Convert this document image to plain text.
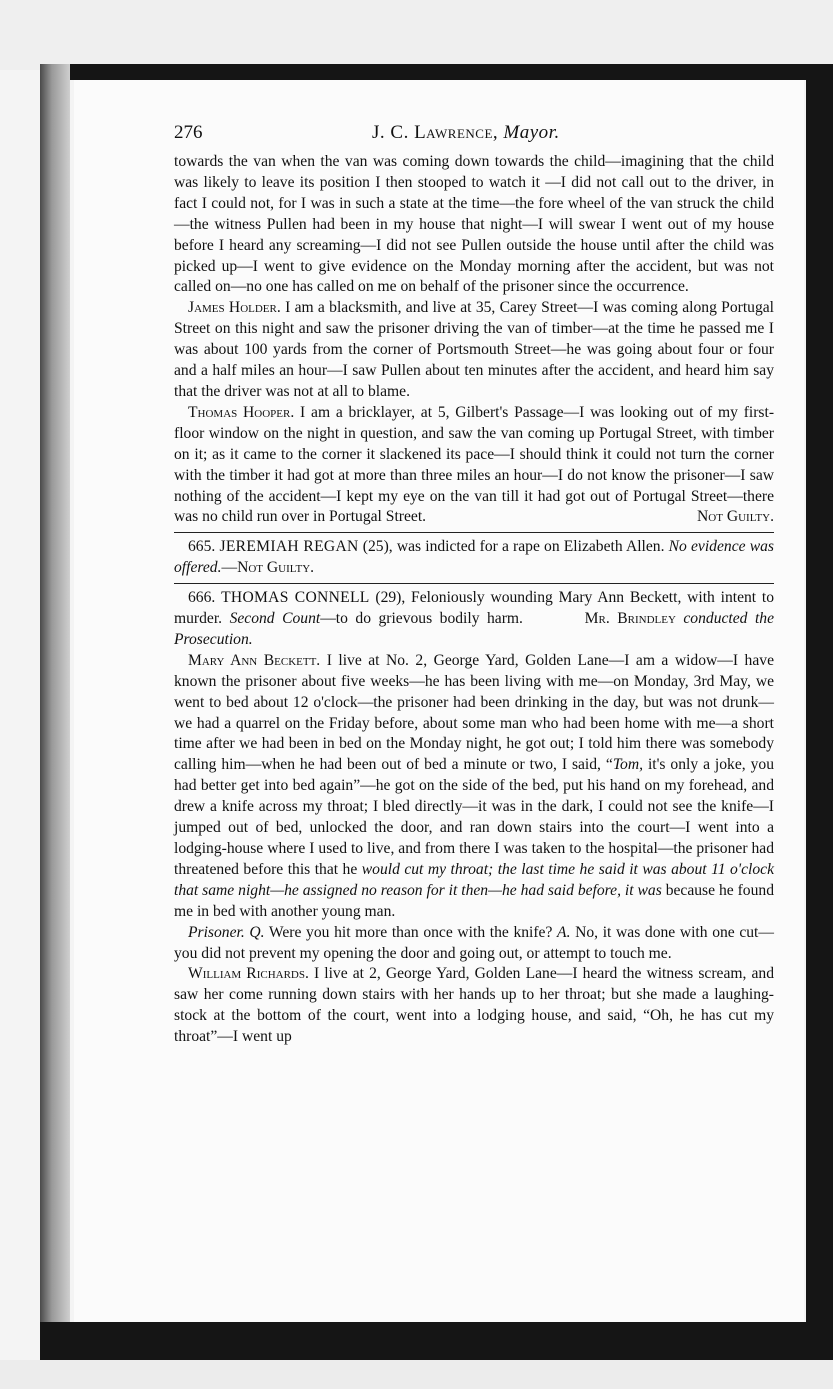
276	J. C. Lawrence, Mayor.

towards the van when the van was coming down towards the child—imagining that the child was likely to leave its position I then stooped to watch it —I did not call out to the driver, in fact I could not, for I was in such a state at the time—the fore wheel of the van struck the child—the witness Pullen had been in my house that night—I will swear I went out of my house before I heard any screaming—I did not see Pullen outside the house until after the child was picked up—I went to give evidence on the Monday morning after the accident, but was not called on—no one has called on me on behalf of the prisoner since the occurrence.

James Holder. I am a blacksmith, and live at 35, Carey Street—I was coming along Portugal Street on this night and saw the prisoner driving the van of timber—at the time he passed me I was about 100 yards from the corner of Portsmouth Street—he was going about four or four and a half miles an hour—I saw Pullen about ten minutes after the accident, and heard him say that the driver was not at all to blame.

Thomas Hooper. I am a bricklayer, at 5, Gilbert's Passage—I was looking out of my first-floor window on the night in question, and saw the van coming up Portugal Street, with timber on it; as it came to the corner it slackened its pace—I should think it could not turn the corner with the timber it had got at more than three miles an hour—I do not know the prisoner—I saw nothing of the accident—I kept my eye on the van till it had got out of Portugal Street—there was no child run over in Portugal Street.	Not Guilty.

665. JEREMIAH REGAN (25), was indicted for a rape on Elizabeth Allen. No evidence was offered.—Not Guilty.

666. THOMAS CONNELL (29), Feloniously wounding Mary Ann Beckett, with intent to murder. Second Count—to do grievous bodily harm.    	Mr. Brindley conducted the Prosecution.

Mary Ann Beckett. I live at No. 2, George Yard, Golden Lane—I am a widow—I have known the prisoner about five weeks—he has been living with me—on Monday, 3rd May, we went to bed about 12 o'clock—the prisoner had been drinking in the day, but was not drunk—we had a quarrel on the Friday before, about some man who had been home with me—a short time after we had been in bed on the Monday night, he got out; I told him there was somebody calling him—when he had been out of bed a minute or two, I said, “Tom, it's only a joke, you had better get into bed again”—he got on the side of the bed, put his hand on my forehead, and drew a knife across my throat; I bled directly—it was in the dark, I could not see the knife—I jumped out of bed, unlocked the door, and ran down stairs into the court—I went into a lodging-house where I used to live, and from there I was taken to the hospital—the prisoner had threatened before this that he would cut my throat; the last time he said it was about 11 o'clock that same night—he assigned no reason for it then—he had said before, it was because he found me in bed with another young man.

Prisoner. Q. Were you hit more than once with the knife? A. No, it was done with one cut—you did not prevent my opening the door and going out, or attempt to touch me.

William Richards. I live at 2, George Yard, Golden Lane—I heard the witness scream, and saw her come running down stairs with her hands up to her throat; but she made a laughing-stock at the bottom of the court, went into a lodging house, and said, “Oh, he has cut my throat”—I went up
